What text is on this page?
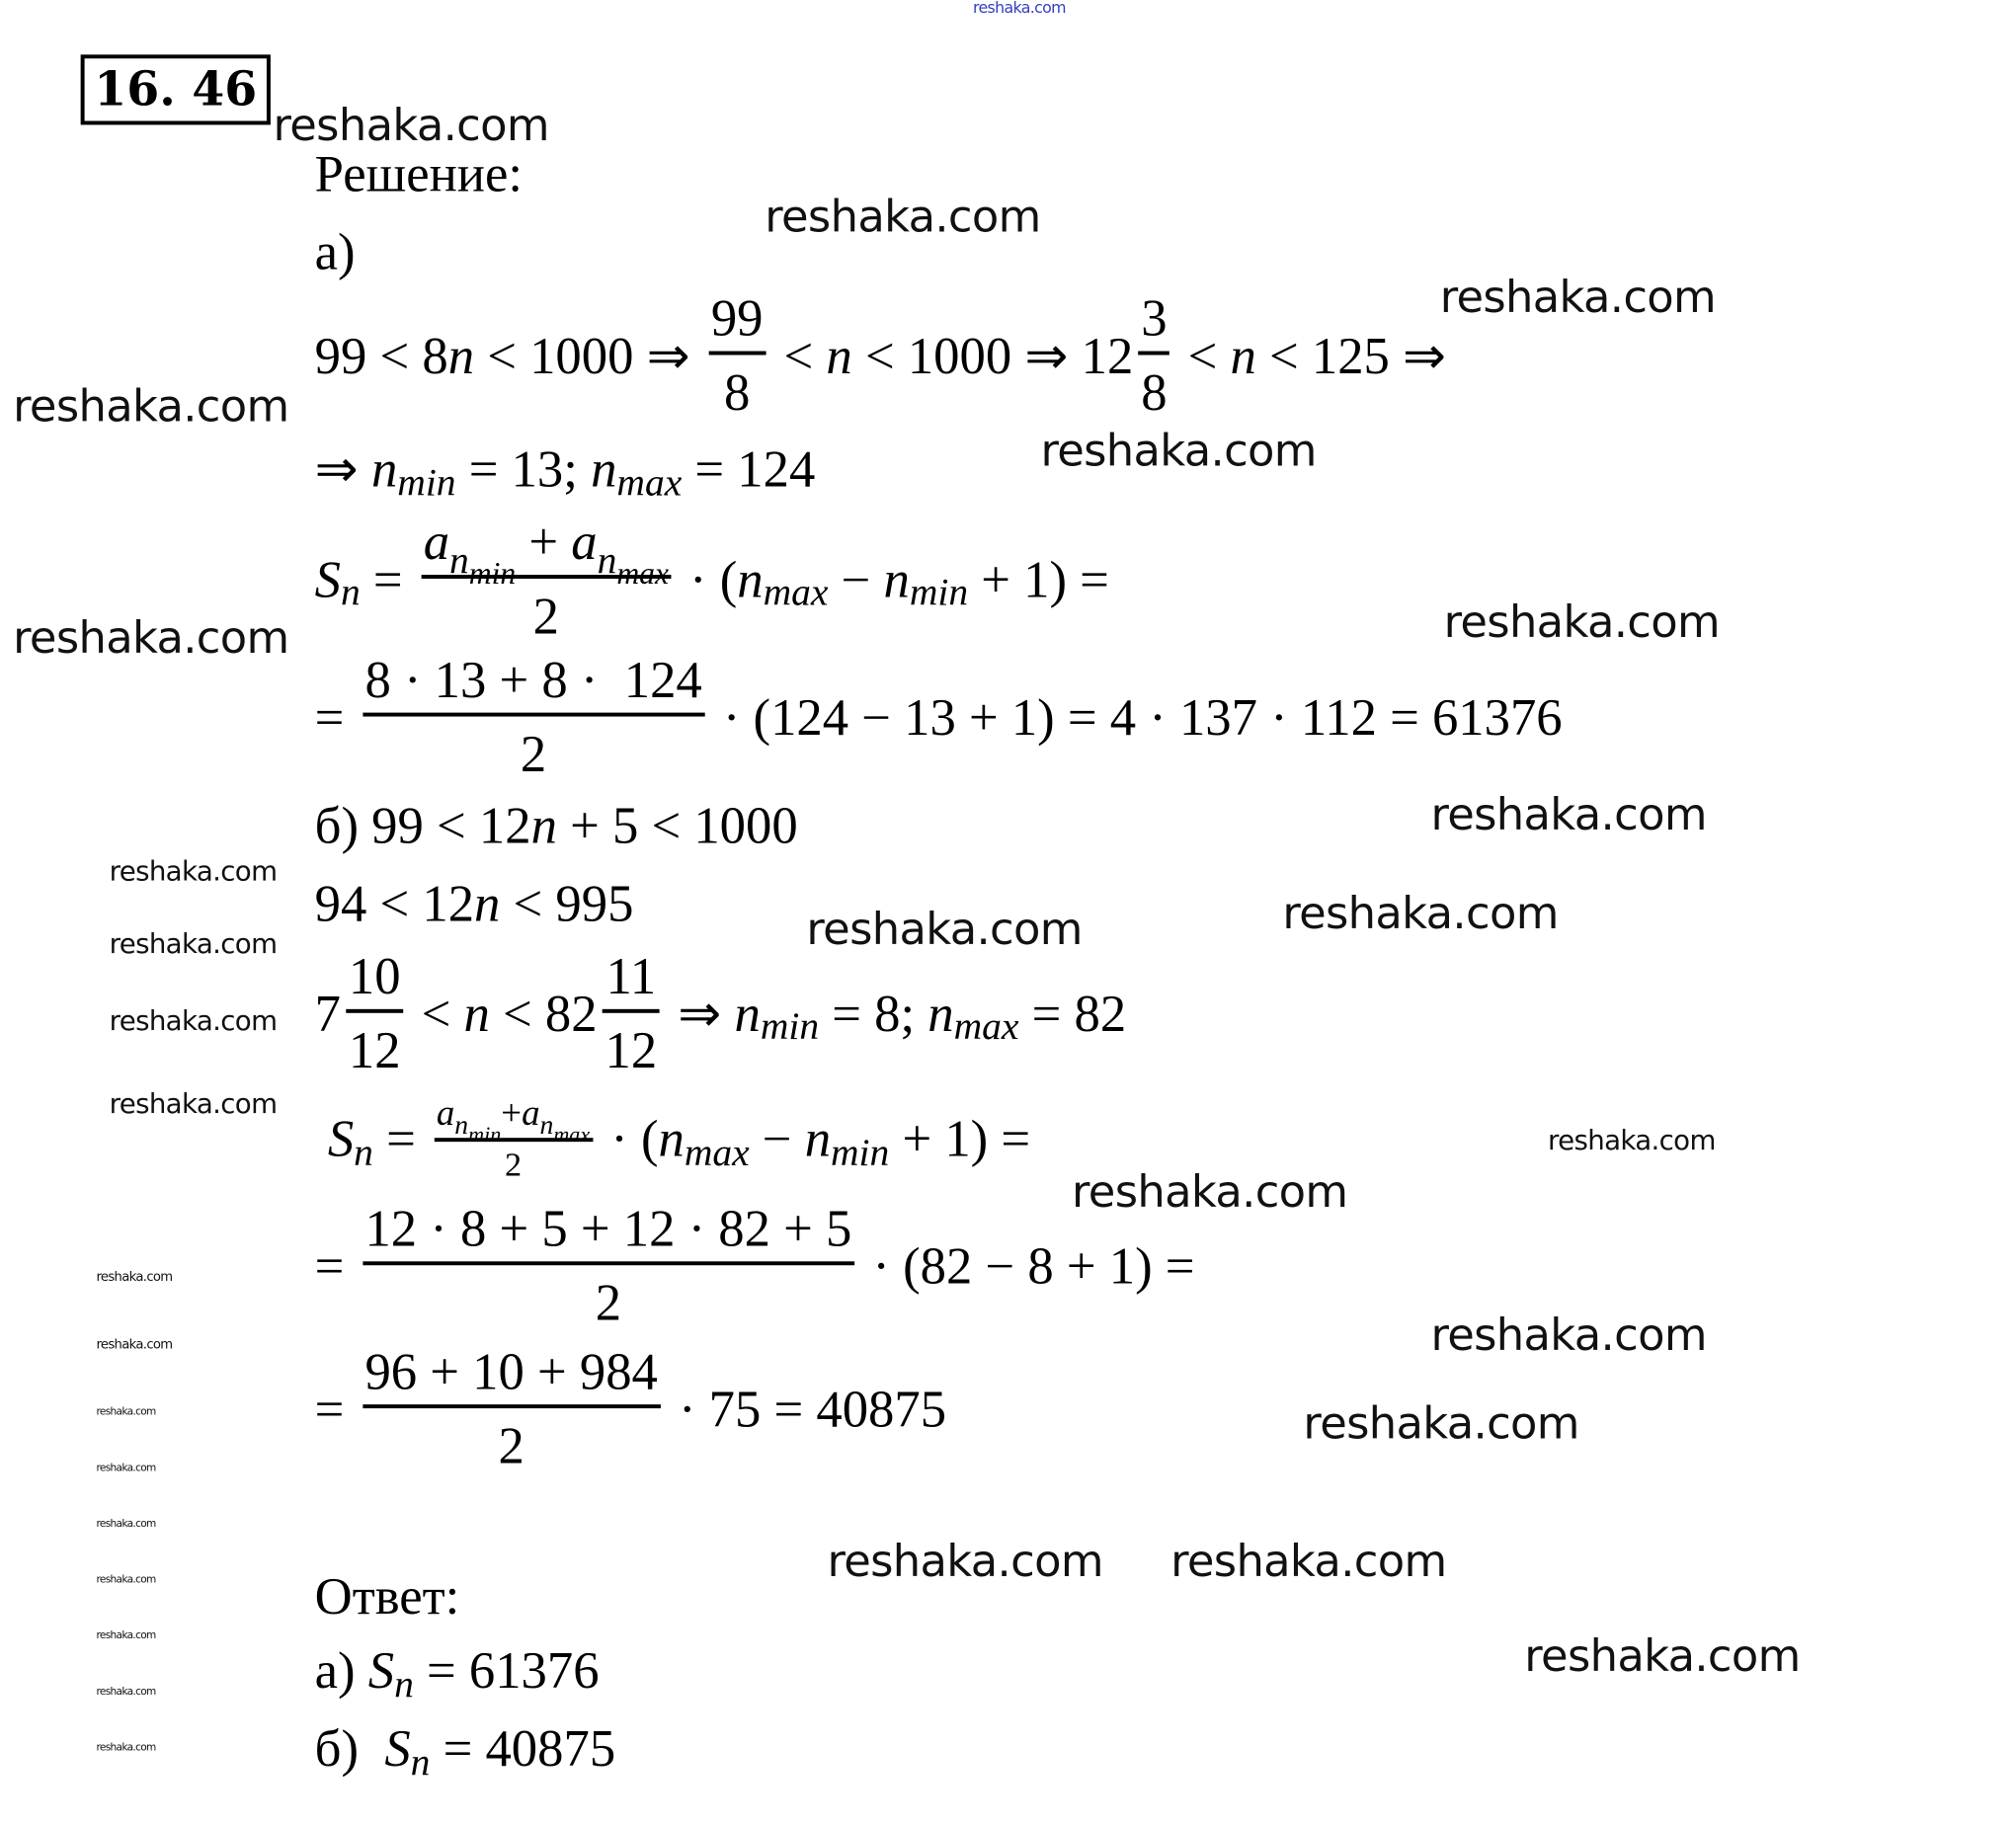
16. 46
Решение:
а)
99 < 8 n < 1000 ⇒ $\frac{99}{8} < n < 1000$ ⇒ $12 \frac{3}{8} < n < 125$ ⇒
⇒ n min = 13; n max = 124
S $n = \frac{anmin + anmax}{2}$ · ( n max − n min + 1) =
= $\frac{8 \cdot 13 + 8 \cdot 124}{2} \cdot (124 - 13 + 1) = 4 \cdot 137 \cdot 112 = 61376$
б) 99 < 12 n + 5 < 1000
94 < 12 n < 995
$7 \frac{10}{12} < n < 82 \frac{11}{12}$ ⇒ n min = 8; n max = 82
S $n = \frac{anmin+anmax}{2}$ · ( n max − n min + 1) =
= $\frac{12 \cdot 8 + 5 + 12 \cdot 82 + 5}{2} \cdot (82 - 8 + 1)$ =
= $\frac{96 + 10 + 984}{2} \cdot 75 = 40875$
Ответ:
а) S n = 61376
б) S n = 40875
reshaka.com
reshaka.com
reshaka.com
reshaka.com
reshaka.com
reshaka.com
reshaka.com
reshaka.com
reshaka.com
reshaka.com
reshaka.com	reshaka.com
reshaka.com
reshaka.com
reshaka.com
reshaka.com
reshaka.com
reshaka.com
reshaka.com
reshaka.com
reshaka.com
reshaka.com
reshaka.com
reshaka.com
reshaka.com
reshaka.com
reshaka.com
reshaka.com	reshaka.com
reshaka.com
reshaka.com
